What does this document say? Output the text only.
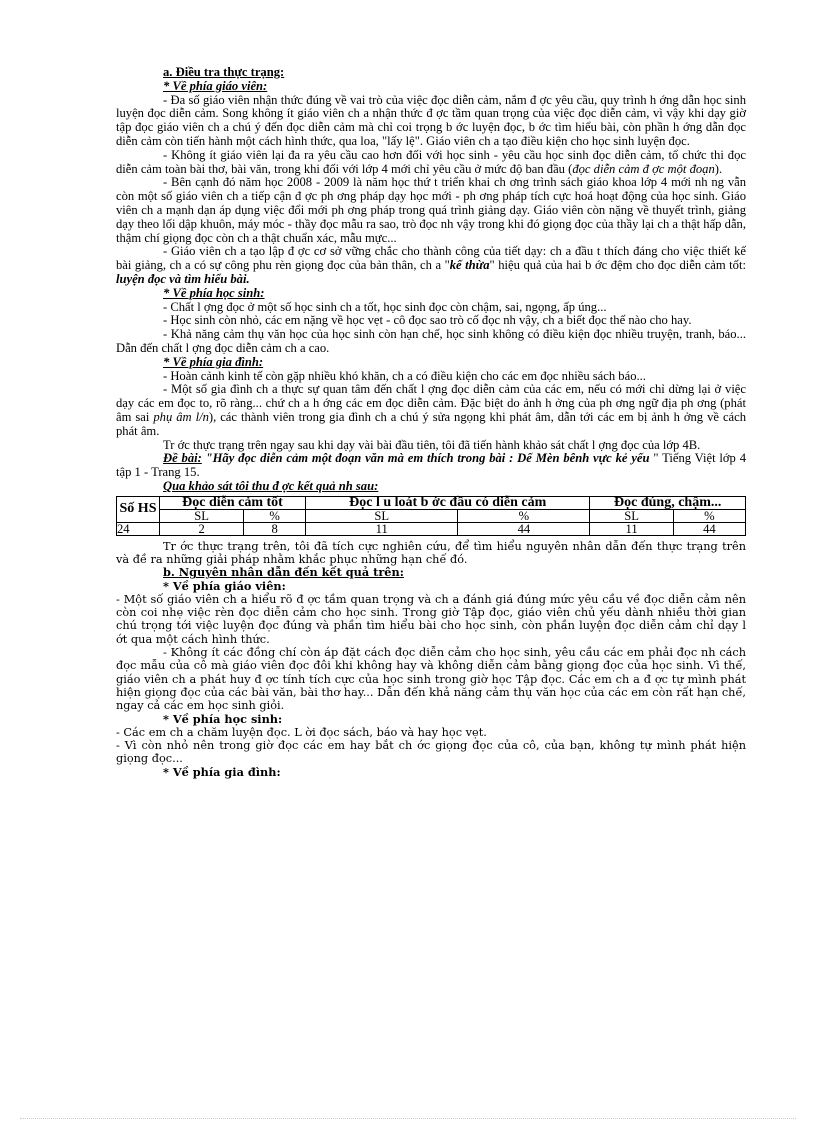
a. Điều tra thực trạng:

* Về phía giáo viên:

- Đa số giáo viên nhận thức đúng về vai trò của việc đọc diễn cảm, nắm đ ợc yêu cầu, quy trình h ớng dẫn học sinh luyện đọc diễn cảm. Song không ít giáo viên ch a nhận thức đ ợc tầm quan trọng của việc đọc diễn cảm, vì vậy khi dạy giờ tập đọc giáo viên ch a chú ý đến đọc diễn cảm mà chỉ coi trọng b ớc luyện đọc, b ớc tìm hiểu bài, còn phần h ớng dẫn đọc diễn cảm còn tiến hành một cách hình thức, qua loa, "lấy lệ". Giáo viên ch a tạo điều kiện cho học sinh luyện đọc.

- Không ít giáo viên lại đa ra yêu cầu cao hơn đối với học sinh - yêu cầu học sinh đọc diễn cảm, tổ chức thi đọc diễn cảm toàn bài thơ, bài văn, trong khi đối với lớp 4 mới chỉ yêu cầu ở mức độ ban đầu (đọc diễn cảm đ ợc một đoạn).

- Bên cạnh đó năm học 2008 - 2009 là năm học thứ t triển khai ch ơng trình sách giáo khoa lớp 4 mới nh ng vẫn còn một số giáo viên ch a tiếp cận đ ợc ph ơng pháp dạy học mới - ph ơng pháp tích cực hoá hoạt động của học sinh. Giáo viên ch a mạnh dạn áp dụng việc đổi mới ph ơng pháp trong quá trình giảng dạy. Giáo viên còn nặng về thuyết trình, giảng dạy theo lối dập khuôn, máy móc - thầy đọc mẫu ra sao, trò đọc nh vậy trong khi đó giọng đọc của thầy lại ch a thật hấp dẫn, thậm chí giọng đọc còn ch a thật chuẩn xác, mẫu mực...

- Giáo viên ch a tạo lập đ ợc cơ sở vững chắc cho thành công của tiết dạy: ch a đầu t thích đáng cho việc thiết kế bài giảng, ch a có sự công phu rèn giọng đọc của bản thân, ch a "kế thừa" hiệu quả của hai b ớc đệm cho đọc diễn cảm tốt: luyện đọc và tìm hiểu bài.

* Về phía học sinh:

- Chất l ợng đọc ở một số học sinh ch a tốt, học sinh đọc còn chậm, sai, ngọng, ấp úng...

- Học sinh còn nhỏ, các em nặng về học vẹt - cô đọc sao trò cố đọc nh vậy, ch a biết đọc thế nào cho hay.

- Khả năng cảm thụ văn học của học sinh còn hạn chế, học sinh không có điều kiện đọc nhiều truyện, tranh, báo... Dẫn đến chất l ợng đọc diễn cảm ch a cao.

* Về phía gia đình:

- Hoàn cảnh kinh tế còn gặp nhiều khó khăn, ch a có điều kiện cho các em đọc nhiều sách báo...

- Một số gia đình ch a thực sự quan tâm đến chất l ợng đọc diễn cảm của các em, nếu có mới chỉ dừng lại ở việc dạy các em đọc to, rõ ràng... chứ ch a h ớng các em đọc diễn cảm. Đặc biệt do ảnh h ởng của ph ơng ngữ địa ph ơng (phát âm sai phụ âm l/n), các thành viên trong gia đình ch a chú ý sửa ngọng khi phát âm, dẫn tới các em bị ảnh h ởng về cách phát âm.

Tr ớc thực trạng trên ngay sau khi dạy vài bài đầu tiên, tôi đã tiến hành khảo sát chất l ợng đọc của lớp 4B.

Đề bài: "Hãy đọc diễn cảm một đoạn văn mà em thích trong bài : Dế Mèn bênh vực kẻ yếu " Tiếng Việt lớp 4 tập 1 - Trang 15.

Qua khảo sát tôi thu đ ợc kết quả nh sau:

Số HS	Đọc diễn cảm tốt		Đọc l u loát b ớc đầu có diễn cảm		Đọc đúng, chậm...	
	SL	%	SL	%	SL	%
24	2	8	11	44	11	44

Tr ớc thực trạng trên, tôi đã tích cực nghiên cứu, để tìm hiểu nguyên nhân dẫn đến thực trạng trên và đề ra những giải pháp nhằm khắc phục những hạn chế đó.

b. Nguyên nhân dẫn đến kết quả trên:

* Về phía giáo viên:

- Một số giáo viên ch a hiểu rõ đ ợc tầm quan trọng và ch a đánh giá đúng mức yêu cầu về đọc diễn cảm nên còn coi nhẹ việc rèn đọc diễn cảm cho học sinh. Trong giờ Tập đọc, giáo viên chủ yếu dành nhiều thời gian chú trọng tới việc luyện đọc đúng và phần tìm hiểu bài cho học sinh, còn phần luyện đọc diễn cảm chỉ dạy l ớt qua một cách hình thức.

- Không ít các đồng chí còn áp đặt cách đọc diễn cảm cho học sinh, yêu cầu các em phải đọc nh cách đọc mẫu của cô mà giáo viên đọc đôi khi không hay và không diễn cảm bằng giọng đọc của học sinh. Vì thế, giáo viên ch a phát huy đ ợc tính tích cực của học sinh trong giờ học Tập đọc. Các em ch a đ ợc tự mình phát hiện giọng đọc của các bài văn, bài thơ hay... Dẫn đến khả năng cảm thụ văn học của các em còn rất hạn chế, ngay cả các em học sinh giỏi.

* Về phía học sinh:

- Các em ch a chăm luyện đọc. L ời đọc sách, báo và hay học vẹt.

- Vì còn nhỏ nên trong giờ đọc các em hay bắt ch ớc giọng đọc của cô, của bạn, không tự mình phát hiện giọng đọc...

* Về phía gia đình:
